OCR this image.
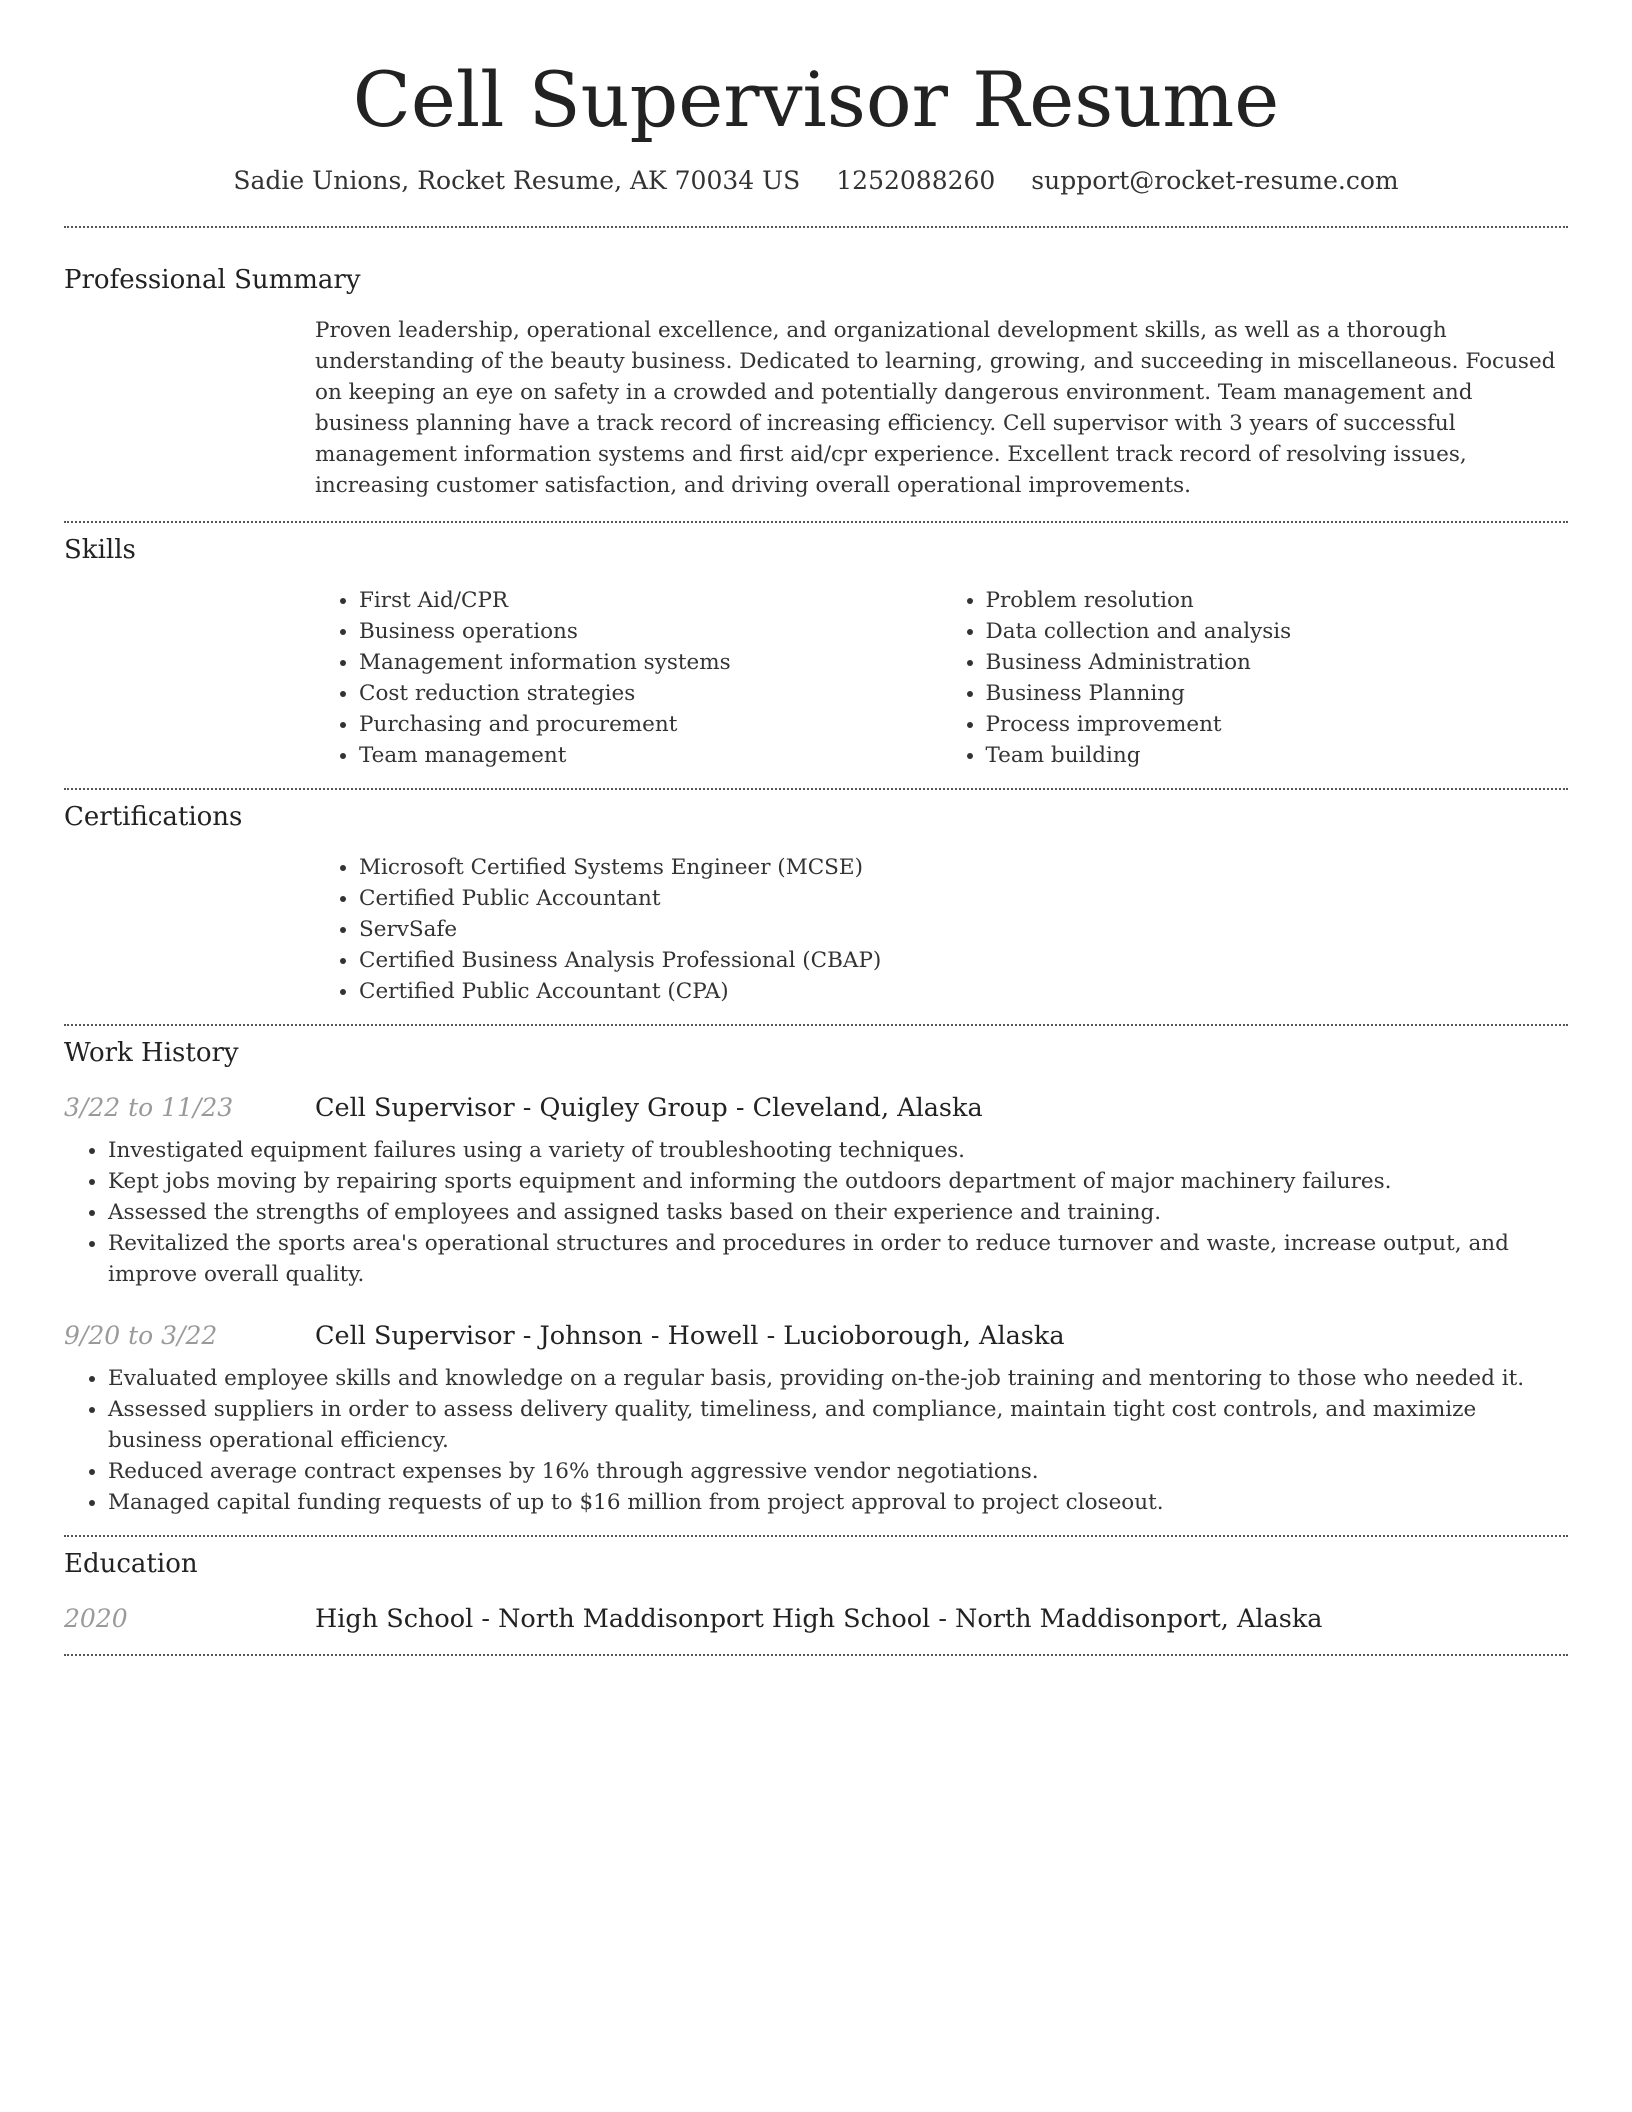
Cell Supervisor Resume
Sadie Unions, Rocket Resume, AK 70034 US 1252088260 support@rocket-resume.com
Professional Summary

Proven leadership, operational excellence, and organizational development skills, as well as a thorough understanding of the beauty business. Dedicated to learning, growing, and succeeding in miscellaneous. Focused on keeping an eye on safety in a crowded and potentially dangerous environment. Team management and business planning have a track record of increasing efficiency. Cell supervisor with 3 years of successful management information systems and first aid/cpr experience. Excellent track record of resolving issues, increasing customer satisfaction, and driving overall operational improvements.

Skills
• First Aid/CPR
• Business operations
• Management information systems
• Cost reduction strategies
• Purchasing and procurement
• Team management
• Problem resolution
• Data collection and analysis
• Business Administration
• Business Planning
• Process improvement
• Team building
Certifications
• Microsoft Certified Systems Engineer (MCSE)
• Certified Public Accountant
• ServSafe
• Certified Business Analysis Professional (CBAP)
• Certified Public Accountant (CPA)
Work History
3/22 to 11/23	Cell Supervisor - Quigley Group - Cleveland, Alaska
• Investigated equipment failures using a variety of troubleshooting techniques.
• Kept jobs moving by repairing sports equipment and informing the outdoors department of major machinery failures.
• Assessed the strengths of employees and assigned tasks based on their experience and training.
• Revitalized the sports area's operational structures and procedures in order to reduce turnover and waste, increase output, and improve overall quality.
9/20 to 3/22	Cell Supervisor - Johnson - Howell - Lucioborough, Alaska
• Evaluated employee skills and knowledge on a regular basis, providing on-the-job training and mentoring to those who needed it.
• Assessed suppliers in order to assess delivery quality, timeliness, and compliance, maintain tight cost controls, and maximize business operational efficiency.
• Reduced average contract expenses by 16% through aggressive vendor negotiations.
• Managed capital funding requests of up to $16 million from project approval to project closeout.
Education
2020	High School - North Maddisonport High School - North Maddisonport, Alaska
